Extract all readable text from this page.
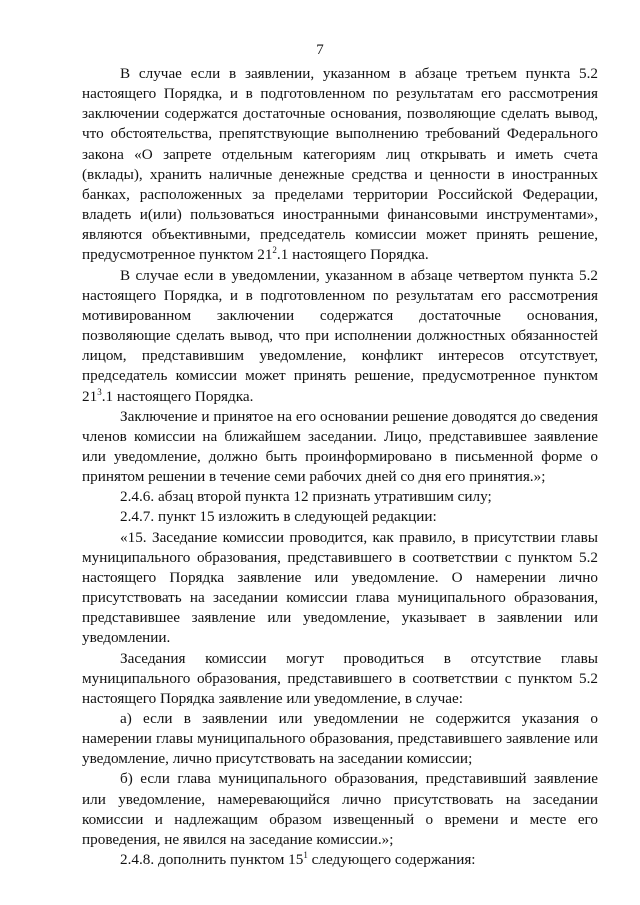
7

В случае если в заявлении, указанном в абзаце третьем пункта 5.2 настоящего Порядка, и в подготовленном по результатам его рассмотрения заключении содержатся достаточные основания, позволяющие сделать вывод, что обстоятельства, препятствующие выполнению требований Федерального закона «О запрете отдельным категориям лиц открывать и иметь счета (вклады), хранить наличные денежные средства и ценности в иностранных банках, расположенных за пределами территории Российской Федерации, владеть и(или) пользоваться иностранными финансовыми инструментами», являются объективными, председатель комиссии может принять решение, предусмотренное пунктом $21^2.1$ настоящего Порядка.

В случае если в уведомлении, указанном в абзаце четвертом пункта 5.2 настоящего Порядка, и в подготовленном по результатам его рассмотрения мотивированном заключении содержатся достаточные основания, позволяющие сделать вывод, что при исполнении должностных обязанностей лицом, представившим уведомление, конфликт интересов отсутствует, председатель комиссии может принять решение, предусмотренное пунктом $21^3.1$ настоящего Порядка.

Заключение и принятое на его основании решение доводятся до сведения членов комиссии на ближайшем заседании. Лицо, представившее заявление или уведомление, должно быть проинформировано в письменной форме о принятом решении в течение семи рабочих дней со дня его принятия.»;

2.4.6. абзац второй пункта 12 признать утратившим силу;

2.4.7. пункт 15 изложить в следующей редакции:

«15. Заседание комиссии проводится, как правило, в присутствии главы муниципального образования, представившего в соответствии с пунктом 5.2 настоящего Порядка заявление или уведомление. О намерении лично присутствовать на заседании комиссии глава муниципального образования, представившее заявление или уведомление, указывает в заявлении или уведомлении.

Заседания комиссии могут проводиться в отсутствие главы муниципального образования, представившего в соответствии с пунктом 5.2 настоящего Порядка заявление или уведомление, в случае:

а) если в заявлении или уведомлении не содержится указания о намерении главы муниципального образования, представившего заявление или уведомление, лично присутствовать на заседании комиссии;

б) если глава муниципального образования, представивший заявление или уведомление, намеревающийся лично присутствовать на заседании комиссии и надлежащим образом извещенный о времени и месте его проведения, не явился на заседание комиссии.»;

2.4.8. дополнить пунктом $15^1$ следующего содержания:
